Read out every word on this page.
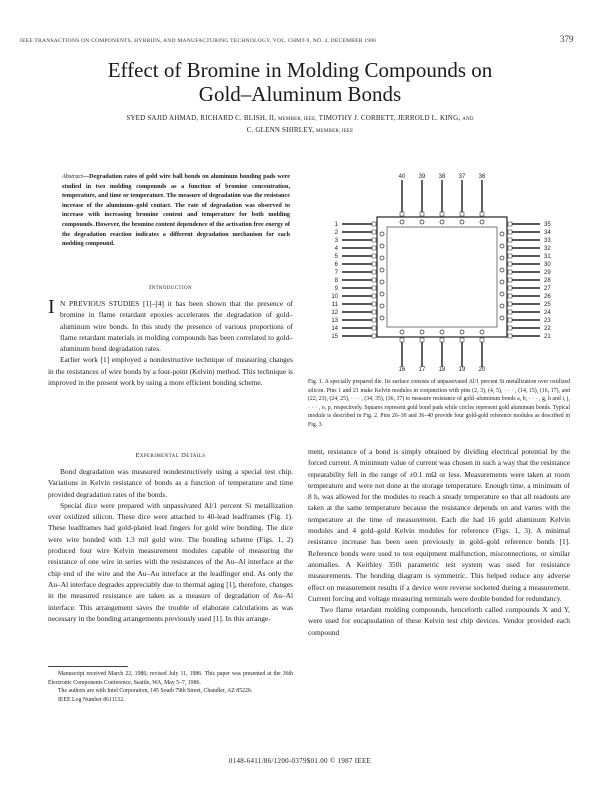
IEEE TRANSACTIONS ON COMPONENTS, HYBRIDS, AND MANUFACTURING TECHNOLOGY, VOL. CHMT-9, NO. 4, DECEMBER 1986	379
Effect of Bromine in Molding Compounds on
Gold–Aluminum Bonds
SYED SAJID AHMAD, RICHARD C. BLISH, II, MEMBER, IEEE, TIMOTHY J. CORBETT, JERROLD L. KING, AND
C. GLENN SHIRLEY, MEMBER, IEEE
Abstract—Degradation rates of gold wire ball bonds on aluminum bonding pads were studied in two molding compounds as a function of bromine concentration, temperature, and time or temperature. The measure of degradation was the resistance increase of the aluminum–gold contact. The rate of degradation was observed to increase with increasing bromine content and temperature for both molding compounds. However, the bromine content dependence of the activation free energy of the degradation reaction indicates a different degradation mechanism for each molding compound.
Introduction

I N PREVIOUS STUDIES [1]–[4] it has been shown that the presence of bromine in flame retardant epoxies accelerates the degradation of gold–aluminum wire bonds. In this study the presence of various proportions of flame retardant materials in molding compounds has been correlated to gold–aluminum bond degradation rates.

Earlier work [1] employed a nondestructive technique of measuring changes in the resistances of wire bonds by a four-point (Kelvin) method. This technique is improved in the present work by using a more efficient bonding scheme.

Experimental Details

Bond degradation was measured nondestructively using a special test chip. Variations in Kelvin resistance of bonds as a function of temperature and time provided degradation rates of the bonds.

Special dice were prepared with unpassivated Al/1 percent Si metallization over oxidized silicon. These dice were attached to 40-lead leadframes (Fig. 1). These leadframes had gold-plated lead fingers for gold wire bonding. The dice were wire bonded with 1.3 mil gold wire. The bonding scheme (Figs. 1, 2) produced four wire Kelvin measurement modules capable of measuring the resistance of one wire in series with the resistances of the Au–Al interface at the chip end of the wire and the Au–Au interface at the leadfinger end. As only the Au–Al interface degrades appreciably due to thermal aging [1], therefore, changes in the measured resistance are taken as a measure of degradation of Au–Al interface. This arrangement saves the trouble of elaborate calculations as was necessary in the bonding arrangements previously used [1]. In this arrange-

Manuscript received March 22, 1986; revised July 11, 1986. This paper was presented at the 36th Electronic Components Conference, Seattle, WA, May 5–7, 1986.

The authors are with Intel Corporation, 145 South 79th Street, Chandler, AZ 85226.

IEEE Log Number 8611132.

1
2
3
4
5
6
7
8
9
10
11
12
13
14
15
16 17 18 19 20
21
22
23
24
25
26
27
28
29
30
31
32
33
34
35
36
37
38
39
40
Fig. 1. A specially prepared die. Its surface consists of unpassivated Al/1 percent Si metallization over oxidized silicon. Pins 1 and 21 make Kelvin modules in conjunction with pins (2, 3), (4, 5), · · · , (14, 15), (16, 17), and (22, 23), (24, 25), · · · , (34, 35), (36, 37) to measure resistance of gold–aluminum bonds a, b, · · · , g, h and i, j, · · · , o, p, respectively. Squares represent gold bond pads while circles represent gold aluminum bonds. Typical module is described in Fig. 2. Pins 26–30 and 36–40 provide four gold-gold reference modules as described in Fig. 3.

ment, resistance of a bond is simply obtained by dividing electrical potential by the forced current. A minimum value of current was chosen in such a way that the resistance repeatability fell in the range of ±0.1 mΩ or less. Measurements were taken at room temperature and were not done at the storage temperature. Enough time, a minimum of 8 h, was allowed for the modules to reach a steady temperature so that all readouts are taken at the same temperature because the resistance depends on and varies with the temperature at the time of measurement. Each die had 16 gold aluminum Kelvin modules and 4 gold–gold Kelvin modules for reference (Figs. 1, 3). A minimal resistance increase has been seen previously in gold–gold reference bonds [1]. Reference bonds were used to test equipment malfunction, misconnections, or similar anomalies. A Keithley 350i parametric test system was used for resistance measurements. The bonding diagram is symmetric. This helped reduce any adverse effect on measurement results if a device were reverse socketed during a measurement. Current forcing and voltage measuring terminals were double bonded for redundancy.

Two flame retardant molding compounds, henceforth called compounds X and Y, were used for encapsulation of these Kelvin test chip devices. Vendor provided each compound

0148-6411/86/1200-0379$01.00 © 1987 IEEE
